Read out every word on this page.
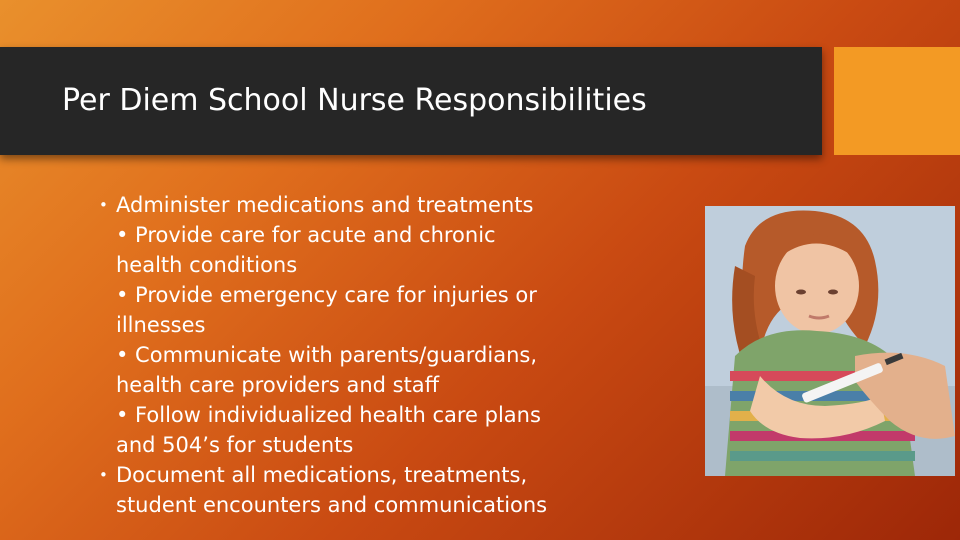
Per Diem School Nurse Responsibilities
• Administer medications and treatments
• Provide care for acute and chronic
health conditions
• Provide emergency care for injuries or
illnesses
• Communicate with parents/guardians,
health care providers and staff
• Follow individualized health care plans
and 504’s for students
• Document all medications, treatments,
student encounters and communications
